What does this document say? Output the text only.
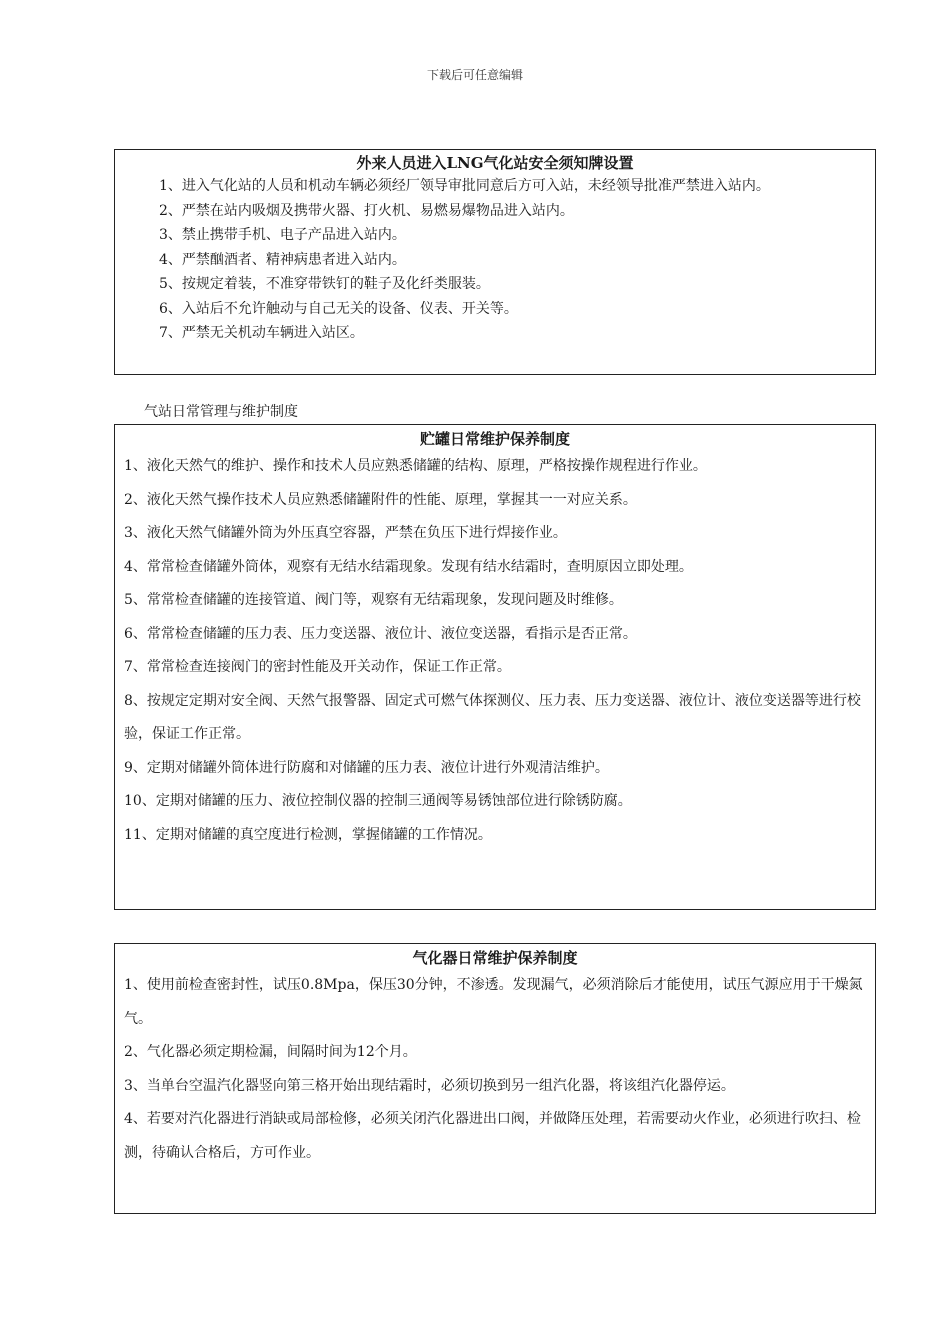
下载后可任意编辑
外来人员进入LNG气化站安全须知牌设置
1、进入气化站的人员和机动车辆必须经厂领导审批同意后方可入站，未经领导批准严禁进入站内。
2、严禁在站内吸烟及携带火器、打火机、易燃易爆物品进入站内。
3、禁止携带手机、电子产品进入站内。
4、严禁酗酒者、精神病患者进入站内。
5、按规定着装，不准穿带铁钉的鞋子及化纤类服装。
6、入站后不允许触动与自己无关的设备、仪表、开关等。
7、严禁无关机动车辆进入站区。
气站日常管理与维护制度
贮罐日常维护保养制度
1、液化天然气的维护、操作和技术人员应熟悉储罐的结构、原理，严格按操作规程进行作业。
2、液化天然气操作技术人员应熟悉储罐附件的性能、原理，掌握其一一对应关系。
3、液化天然气储罐外筒为外压真空容器，严禁在负压下进行焊接作业。
4、常常检查储罐外筒体，观察有无结水结霜现象。发现有结水结霜时，查明原因立即处理。
5、常常检查储罐的连接管道、阀门等，观察有无结霜现象，发现问题及时维修。
6、常常检查储罐的压力表、压力变送器、液位计、液位变送器，看指示是否正常。
7、常常检查连接阀门的密封性能及开关动作，保证工作正常。
8、按规定定期对安全阀、天然气报警器、固定式可燃气体探测仪、压力表、压力变送器、液位计、液位变送器等进行校验，保证工作正常。
9、定期对储罐外筒体进行防腐和对储罐的压力表、液位计进行外观清洁维护。
10、定期对储罐的压力、液位控制仪器的控制三通阀等易锈蚀部位进行除锈防腐。
11、定期对储罐的真空度进行检测，掌握储罐的工作情况。
气化器日常维护保养制度
1、使用前检查密封性，试压0.8Mpa，保压30分钟，不渗透。发现漏气，必须消除后才能使用，试压气源应用于干燥氮气。
2、气化器必须定期检漏，间隔时间为12个月。
3、当单台空温汽化器竖向第三格开始出现结霜时，必须切换到另一组汽化器，将该组汽化器停运。
4、若要对汽化器进行消缺或局部检修，必须关闭汽化器进出口阀，并做降压处理，若需要动火作业，必须进行吹扫、检测，待确认合格后，方可作业。
